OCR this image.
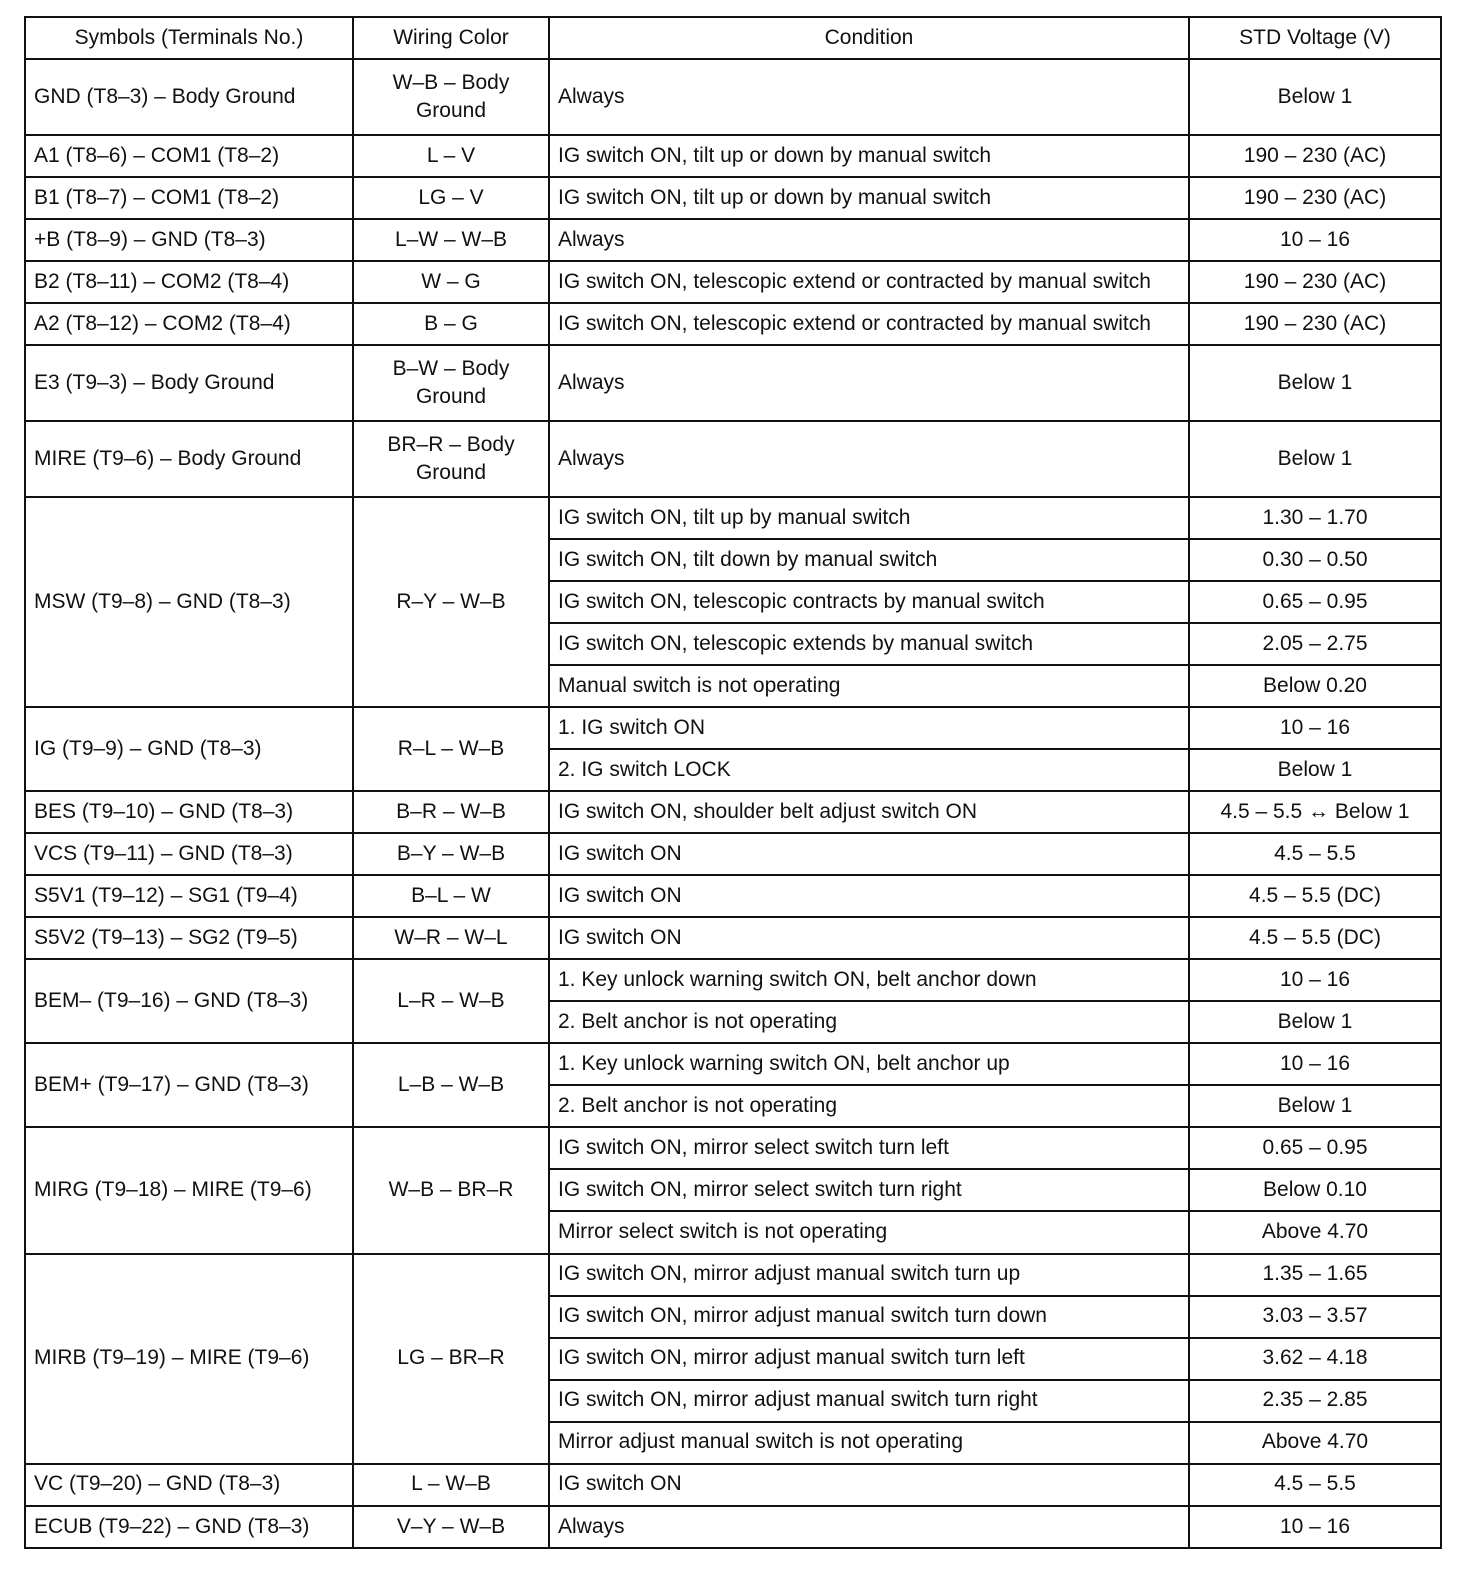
Symbols (Terminals No.)	Wiring Color	Condition	STD Voltage (V)
GND (T8–3) – Body Ground	W–B – Body Ground	Always	Below 1
A1 (T8–6) – COM1 (T8–2)	L – V	IG switch ON, tilt up or down by manual switch	190 – 230 (AC)
B1 (T8–7) – COM1 (T8–2)	LG – V	IG switch ON, tilt up or down by manual switch	190 – 230 (AC)
+B (T8–9) – GND (T8–3)	L–W – W–B	Always	10 – 16
B2 (T8–11) – COM2 (T8–4)	W – G	IG switch ON, telescopic extend or contracted by manual switch	190 – 230 (AC)
A2 (T8–12) – COM2 (T8–4)	B – G	IG switch ON, telescopic extend or contracted by manual switch	190 – 230 (AC)
E3 (T9–3) – Body Ground	B–W – Body Ground	Always	Below 1
MIRE (T9–6) – Body Ground	BR–R – Body Ground	Always	Below 1
MSW (T9–8) – GND (T8–3)	R–Y – W–B	IG switch ON, tilt up by manual switch	1.30 – 1.70
		IG switch ON, tilt down by manual switch	0.30 – 0.50
		IG switch ON, telescopic contracts by manual switch	0.65 – 0.95
		IG switch ON, telescopic extends by manual switch	2.05 – 2.75
		Manual switch is not operating	Below 0.20
IG (T9–9) – GND (T8–3)	R–L – W–B	1. IG switch ON	10 – 16
		2. IG switch LOCK	Below 1
BES (T9–10) – GND (T8–3)	B–R – W–B	IG switch ON, shoulder belt adjust switch ON	4.5 – 5.5 ↔ Below 1
VCS (T9–11) – GND (T8–3)	B–Y – W–B	IG switch ON	4.5 – 5.5
S5V1 (T9–12) – SG1 (T9–4)	B–L – W	IG switch ON	4.5 – 5.5 (DC)
S5V2 (T9–13) – SG2 (T9–5)	W–R – W–L	IG switch ON	4.5 – 5.5 (DC)
BEM– (T9–16) – GND (T8–3)	L–R – W–B	1. Key unlock warning switch ON, belt anchor down	10 – 16
		2. Belt anchor is not operating	Below 1
BEM+ (T9–17) – GND (T8–3)	L–B – W–B	1. Key unlock warning switch ON, belt anchor up	10 – 16
		2. Belt anchor is not operating	Below 1
MIRG (T9–18) – MIRE (T9–6)	W–B – BR–R	IG switch ON, mirror select switch turn left	0.65 – 0.95
		IG switch ON, mirror select switch turn right	Below 0.10
		Mirror select switch is not operating	Above 4.70
MIRB (T9–19) – MIRE (T9–6)	LG – BR–R	IG switch ON, mirror adjust manual switch turn up	1.35 – 1.65
		IG switch ON, mirror adjust manual switch turn down	3.03 – 3.57
		IG switch ON, mirror adjust manual switch turn left	3.62 – 4.18
		IG switch ON, mirror adjust manual switch turn right	2.35 – 2.85
		Mirror adjust manual switch is not operating	Above 4.70
VC (T9–20) – GND (T8–3)	L – W–B	IG switch ON	4.5 – 5.5
ECUB (T9–22) – GND (T8–3)	V–Y – W–B	Always	10 – 16
